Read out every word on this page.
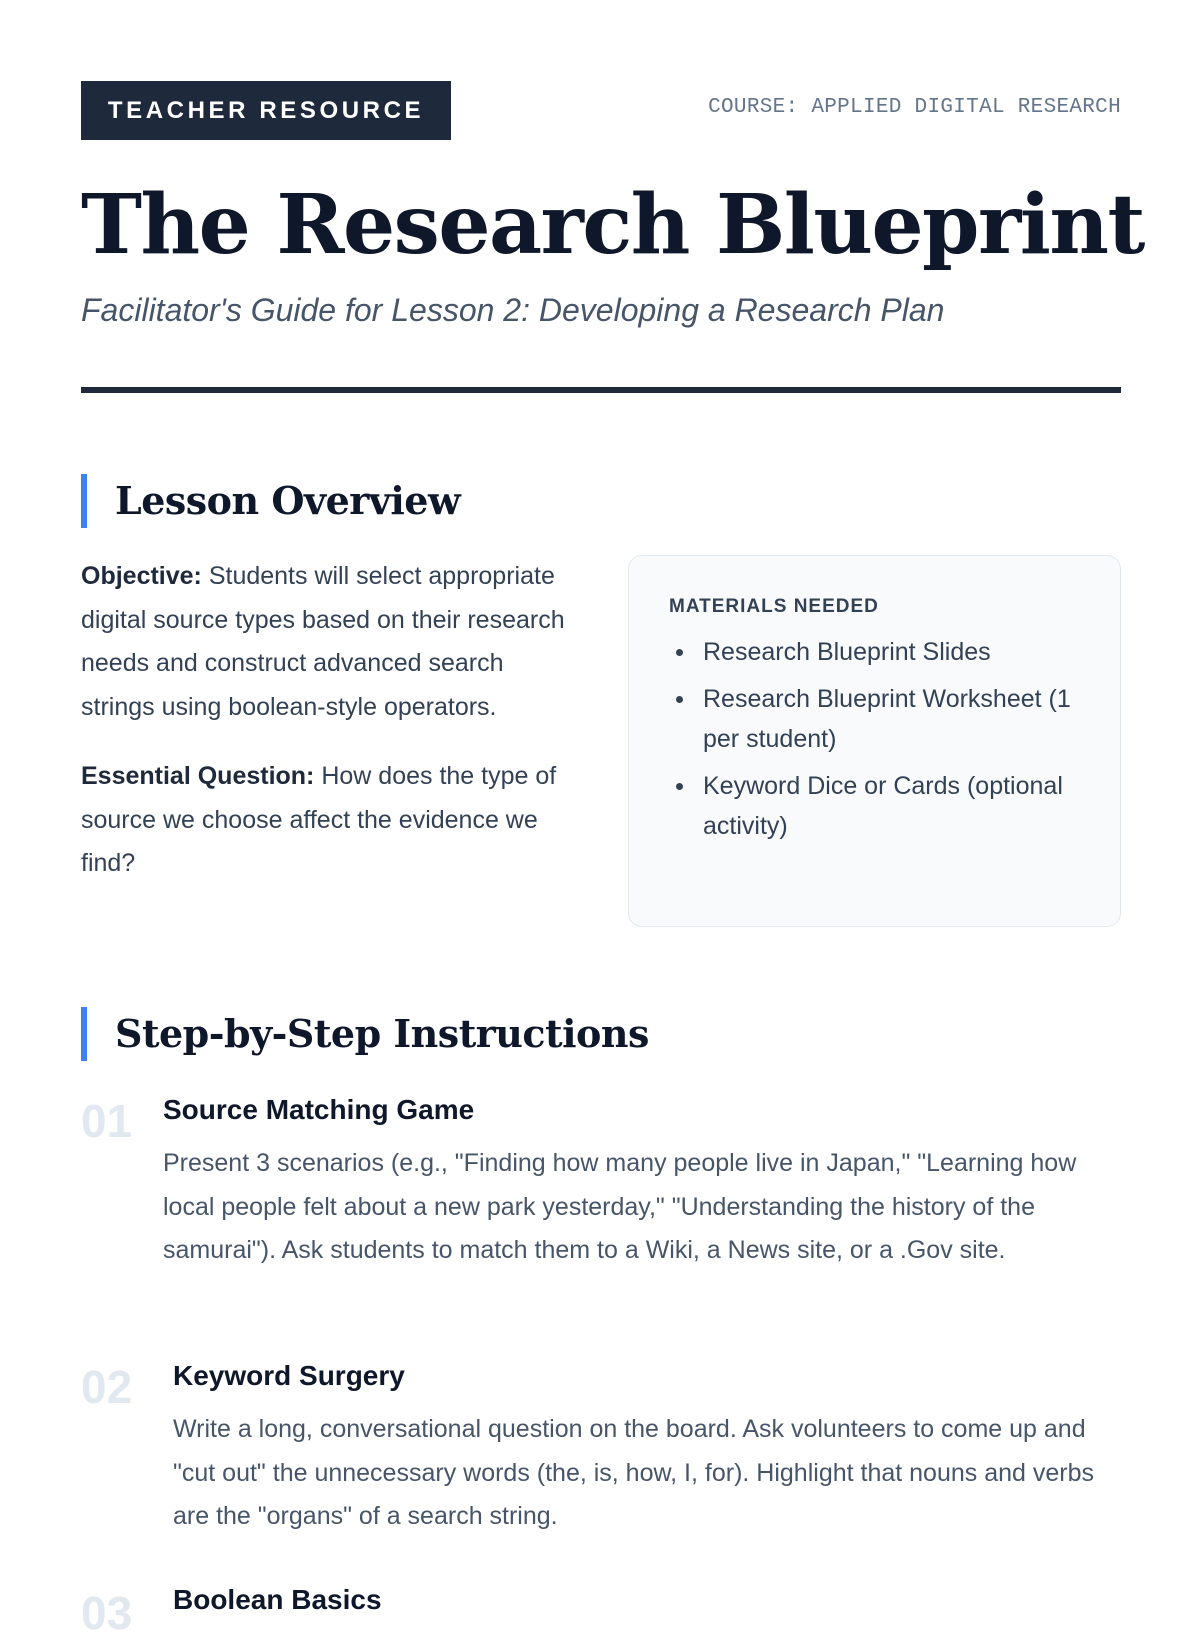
TEACHER RESOURCE	COURSE: APPLIED DIGITAL RESEARCH
The Research Blueprint

Facilitator's Guide for Lesson 2: Developing a Research Plan

Lesson Overview

Objective: Students will select appropriate digital source types based on their research needs and construct advanced search strings using boolean-style operators.

Essential Question: How does the type of source we choose affect the evidence we find?

MATERIALS NEEDED
Research Blueprint Slides
Research Blueprint Worksheet (1 per student)
Keyword Dice or Cards (optional activity)
Step-by-Step Instructions
01 Source Matching Game

Present 3 scenarios (e.g., "Finding how many people live in Japan," "Learning how local people felt about a new park yesterday," "Understanding the history of the samurai"). Ask students to match them to a Wiki, a News site, or a .Gov site.

02 Keyword Surgery

Write a long, conversational question on the board. Ask volunteers to come up and "cut out" the unnecessary words (the, is, how, I, for). Highlight that nouns and verbs are the "organs" of a search string.

03 Boolean Basics
